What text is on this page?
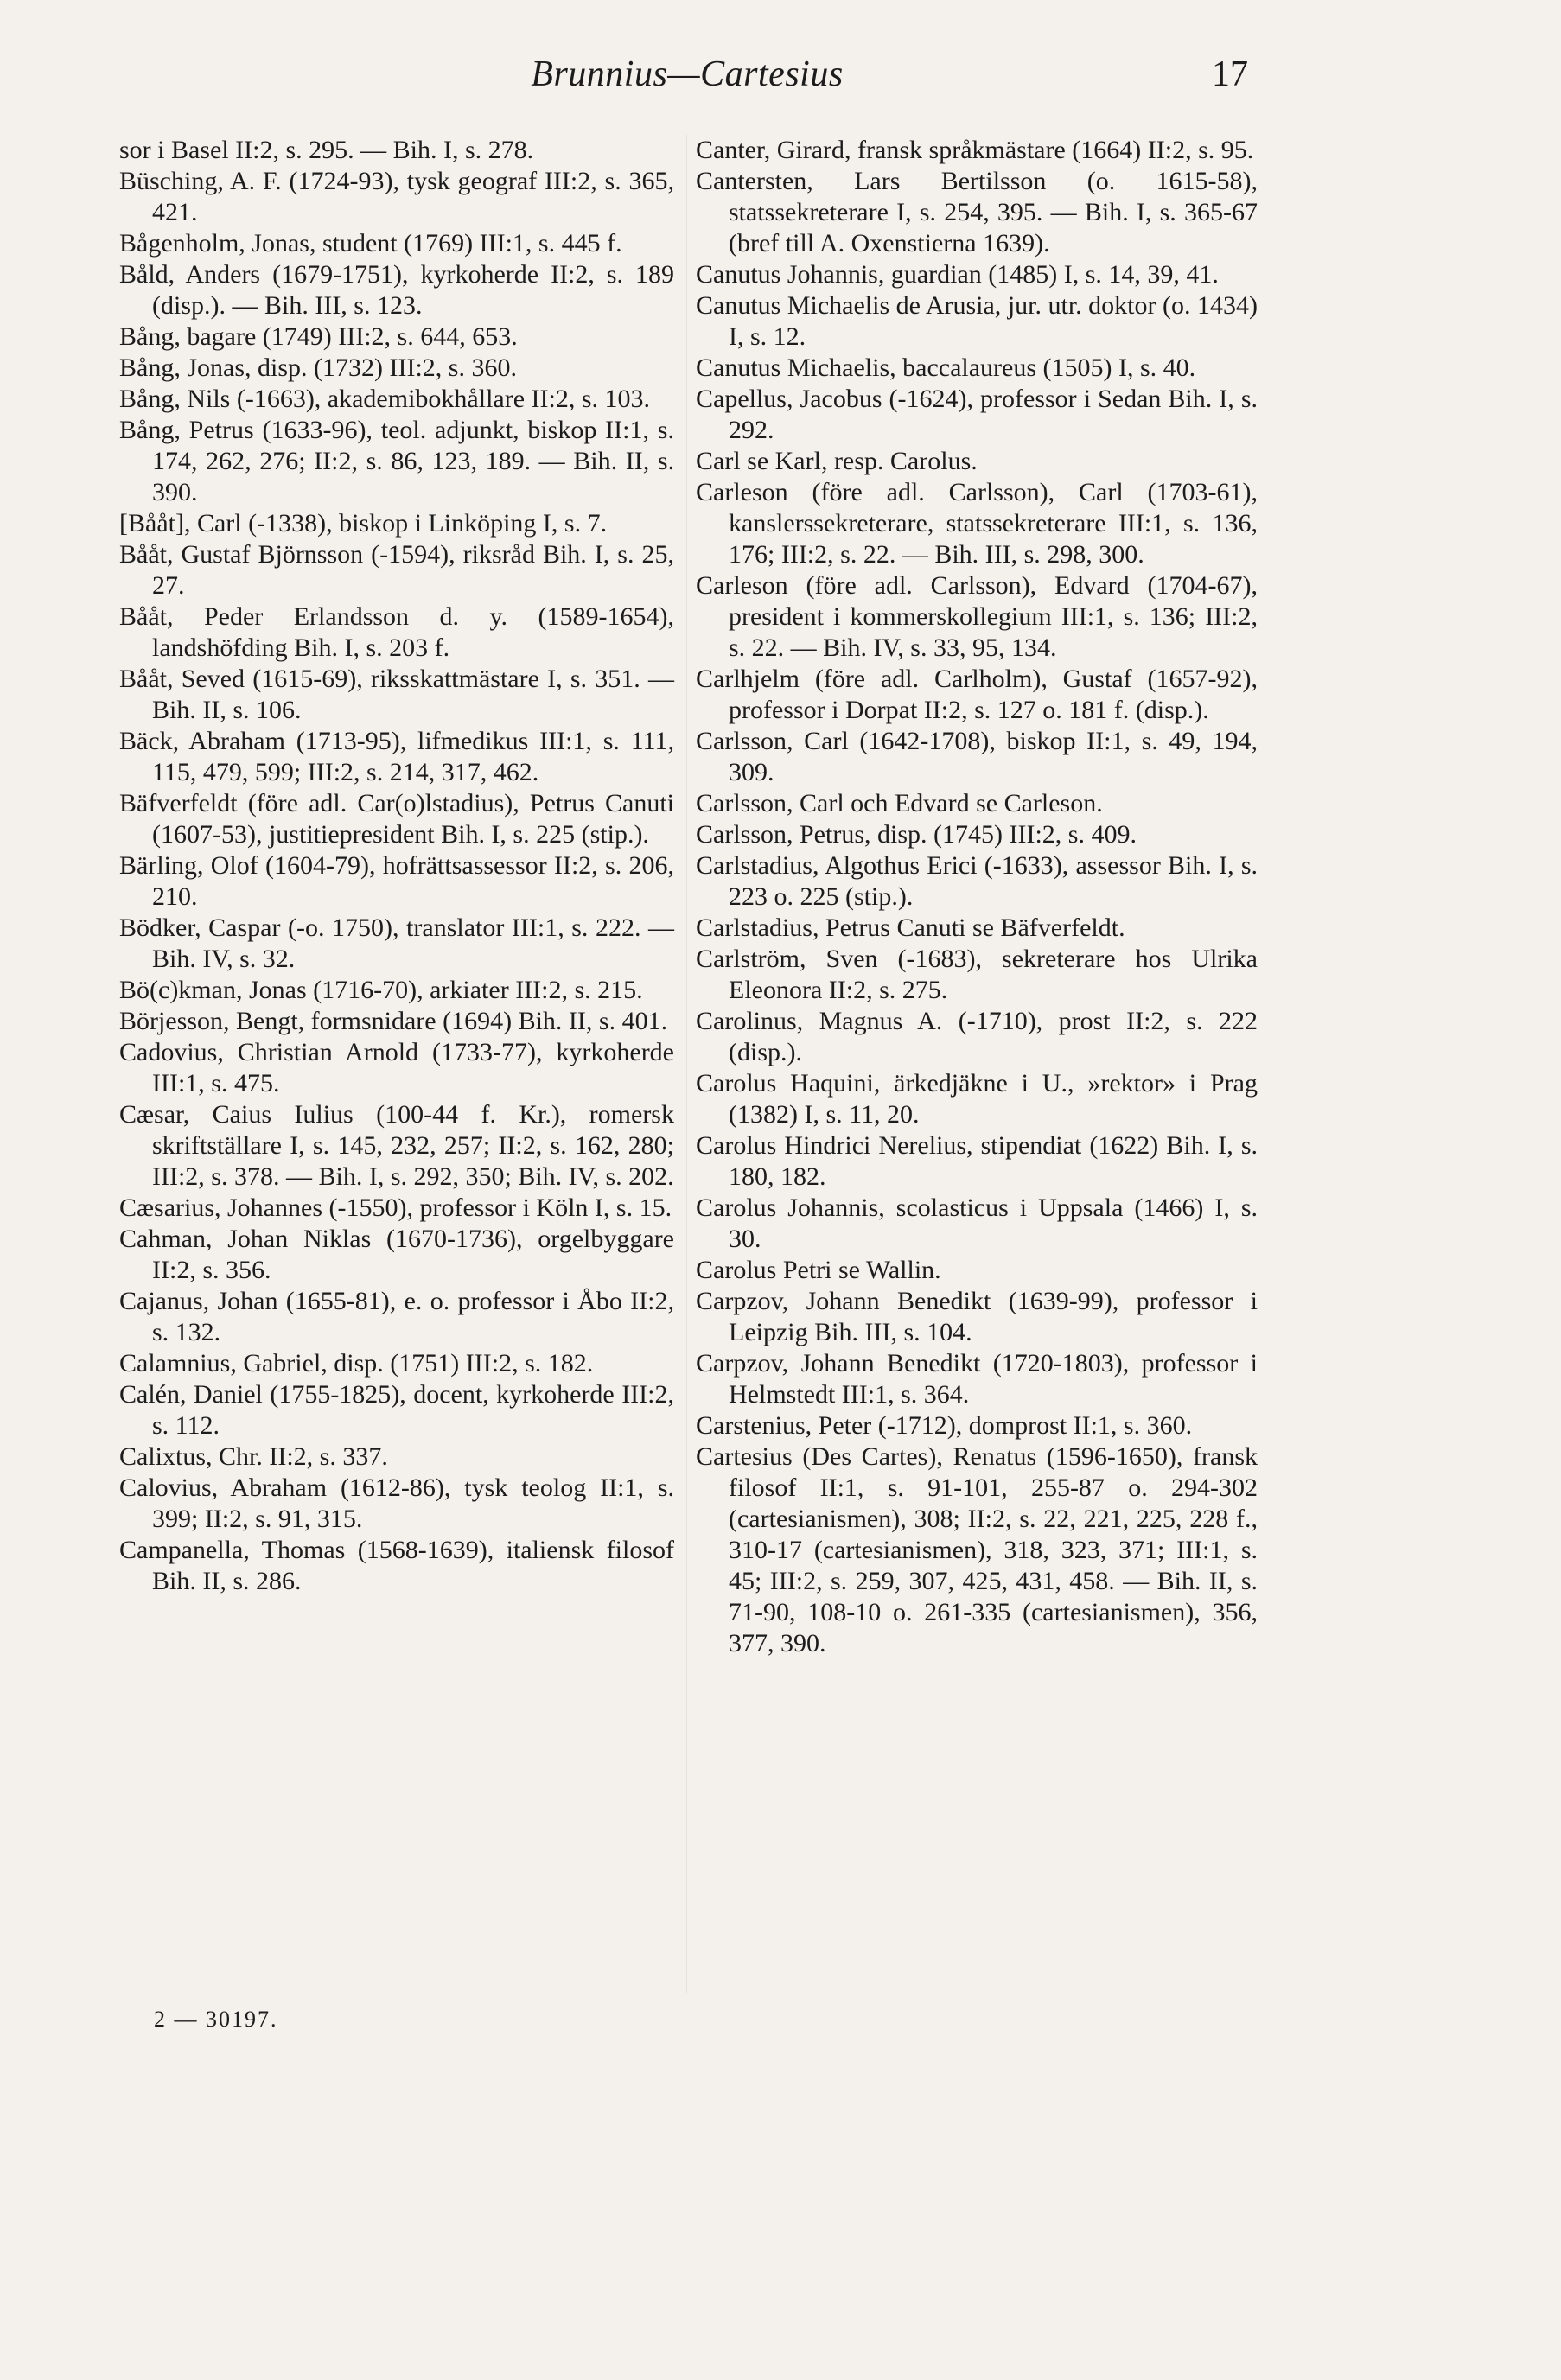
Brunnius—Cartesius	17

sor i Basel II:2, s. 295. — Bih. I, s. 278.

Büsching, A. F. (1724-93), tysk geograf III:2, s. 365, 421.

Bågenholm, Jonas, student (1769) III:1, s. 445 f.

Båld, Anders (1679-1751), kyrkoherde II:2, s. 189 (disp.). — Bih. III, s. 123.

Bång, bagare (1749) III:2, s. 644, 653.

Bång, Jonas, disp. (1732) III:2, s. 360.

Bång, Nils (-1663), akademibokhållare II:2, s. 103.

Bång, Petrus (1633-96), teol. adjunkt, biskop II:1, s. 174, 262, 276; II:2, s. 86, 123, 189. — Bih. II, s. 390.

[Bååt], Carl (-1338), biskop i Linköping I, s. 7.

Bååt, Gustaf Björnsson (-1594), riksråd Bih. I, s. 25, 27.

Bååt, Peder Erlandsson d. y. (1589-1654), landshöfding Bih. I, s. 203 f.

Bååt, Seved (1615-69), riksskattmästare I, s. 351. — Bih. II, s. 106.

Bäck, Abraham (1713-95), lifmedikus III:1, s. 111, 115, 479, 599; III:2, s. 214, 317, 462.

Bäfverfeldt (före adl. Car(o)lstadius), Petrus Canuti (1607-53), justitiepresident Bih. I, s. 225 (stip.).

Bärling, Olof (1604-79), hofrättsassessor II:2, s. 206, 210.

Bödker, Caspar (-o. 1750), translator III:1, s. 222. — Bih. IV, s. 32.

Bö(c)kman, Jonas (1716-70), arkiater III:2, s. 215.

Börjesson, Bengt, formsnidare (1694) Bih. II, s. 401.

Cadovius, Christian Arnold (1733-77), kyrkoherde III:1, s. 475.

Cæsar, Caius Iulius (100-44 f. Kr.), romersk skriftställare I, s. 145, 232, 257; II:2, s. 162, 280; III:2, s. 378. — Bih. I, s. 292, 350; Bih. IV, s. 202.

Cæsarius, Johannes (-1550), professor i Köln I, s. 15.

Cahman, Johan Niklas (1670-1736), orgelbyggare II:2, s. 356.

Cajanus, Johan (1655-81), e. o. professor i Åbo II:2, s. 132.

Calamnius, Gabriel, disp. (1751) III:2, s. 182.

Calén, Daniel (1755-1825), docent, kyrkoherde III:2, s. 112.

Calixtus, Chr. II:2, s. 337.

Calovius, Abraham (1612-86), tysk teolog II:1, s. 399; II:2, s. 91, 315.

Campanella, Thomas (1568-1639), italiensk filosof Bih. II, s. 286.

Canter, Girard, fransk språkmästare (1664) II:2, s. 95.

Cantersten, Lars Bertilsson (o. 1615-58), statssekreterare I, s. 254, 395. — Bih. I, s. 365-67 (bref till A. Oxenstierna 1639).

Canutus Johannis, guardian (1485) I, s. 14, 39, 41.

Canutus Michaelis de Arusia, jur. utr. doktor (o. 1434) I, s. 12.

Canutus Michaelis, baccalaureus (1505) I, s. 40.

Capellus, Jacobus (-1624), professor i Sedan Bih. I, s. 292.

Carl se Karl, resp. Carolus.

Carleson (före adl. Carlsson), Carl (1703-61), kanslerssekreterare, statssekreterare III:1, s. 136, 176; III:2, s. 22. — Bih. III, s. 298, 300.

Carleson (före adl. Carlsson), Edvard (1704-67), president i kommerskollegium III:1, s. 136; III:2, s. 22. — Bih. IV, s. 33, 95, 134.

Carlhjelm (före adl. Carlholm), Gustaf (1657-92), professor i Dorpat II:2, s. 127 o. 181 f. (disp.).

Carlsson, Carl (1642-1708), biskop II:1, s. 49, 194, 309.

Carlsson, Carl och Edvard se Carleson.

Carlsson, Petrus, disp. (1745) III:2, s. 409.

Carlstadius, Algothus Erici (-1633), assessor Bih. I, s. 223 o. 225 (stip.).

Carlstadius, Petrus Canuti se Bäfverfeldt.

Carlström, Sven (-1683), sekreterare hos Ulrika Eleonora II:2, s. 275.

Carolinus, Magnus A. (-1710), prost II:2, s. 222 (disp.).

Carolus Haquini, ärkedjäkne i U., »rektor» i Prag (1382) I, s. 11, 20.

Carolus Hindrici Nerelius, stipendiat (1622) Bih. I, s. 180, 182.

Carolus Johannis, scolasticus i Uppsala (1466) I, s. 30.

Carolus Petri se Wallin.

Carpzov, Johann Benedikt (1639-99), professor i Leipzig Bih. III, s. 104.

Carpzov, Johann Benedikt (1720-1803), professor i Helmstedt III:1, s. 364.

Carstenius, Peter (-1712), domprost II:1, s. 360.

Cartesius (Des Cartes), Renatus (1596-1650), fransk filosof II:1, s. 91-101, 255-87 o. 294-302 (cartesianismen), 308; II:2, s. 22, 221, 225, 228 f., 310-17 (cartesianismen), 318, 323, 371; III:1, s. 45; III:2, s. 259, 307, 425, 431, 458. — Bih. II, s. 71-90, 108-10 o. 261-335 (cartesianismen), 356, 377, 390.

2 — 30197.
